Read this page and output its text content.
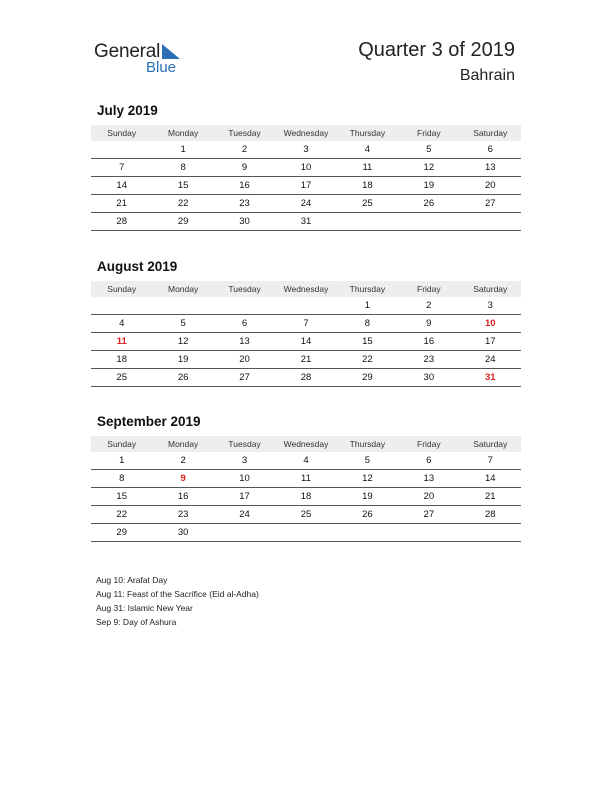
General
Blue
Quarter 3 of 2019
Bahrain
July 2019
Sunday	Monday	Tuesday	Wednesday	Thursday	Friday	Saturday
	1	2	3	4	5	6
7	8	9	10	11	12	13
14	15	16	17	18	19	20
21	22	23	24	25	26	27
28	29	30	31			
August 2019
Sunday	Monday	Tuesday	Wednesday	Thursday	Friday	Saturday
				1	2	3
4	5	6	7	8	9	10
11	12	13	14	15	16	17
18	19	20	21	22	23	24
25	26	27	28	29	30	31
September 2019
Sunday	Monday	Tuesday	Wednesday	Thursday	Friday	Saturday
1	2	3	4	5	6	7
8	9	10	11	12	13	14
15	16	17	18	19	20	21
22	23	24	25	26	27	28
29	30					
Aug 10: Arafat Day
Aug 11: Feast of the Sacrifice (Eid al-Adha)
Aug 31: Islamic New Year
Sep 9: Day of Ashura
